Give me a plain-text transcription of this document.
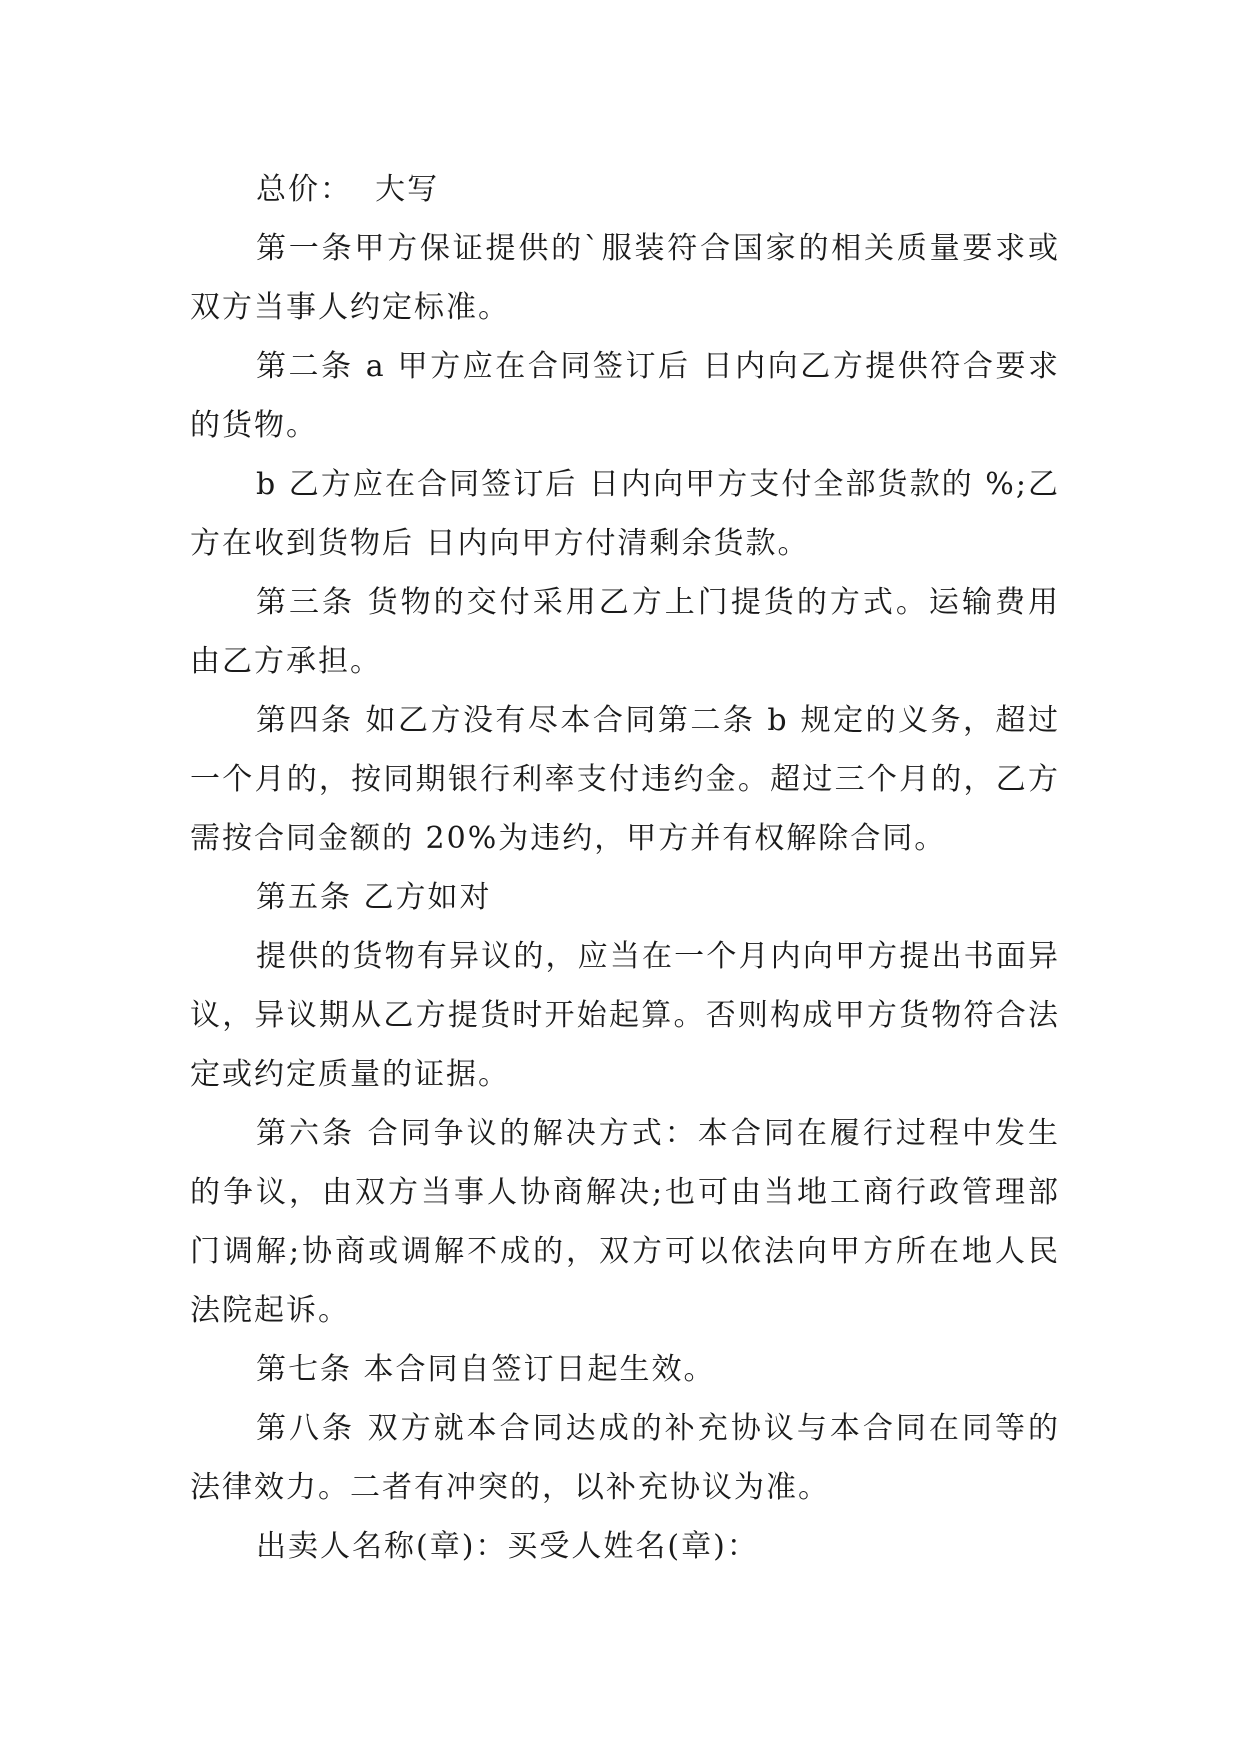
总价：  大写

第一条甲方保证提供的`服装符合国家的相关质量要求或双方当事人约定标准。

第二条 a 甲方应在合同签订后 日内向乙方提供符合要求的货物。

b 乙方应在合同签订后 日内向甲方支付全部货款的 %;乙方在收到货物后 日内向甲方付清剩余货款。

第三条 货物的交付采用乙方上门提货的方式。运输费用由乙方承担。

第四条 如乙方没有尽本合同第二条 b 规定的义务，超过一个月的，按同期银行利率支付违约金。超过三个月的，乙方需按合同金额的 20%为违约，甲方并有权解除合同。

第五条 乙方如对

提供的货物有异议的，应当在一个月内向甲方提出书面异议，异议期从乙方提货时开始起算。否则构成甲方货物符合法定或约定质量的证据。

第六条 合同争议的解决方式：本合同在履行过程中发生的争议，由双方当事人协商解决;也可由当地工商行政管理部门调解;协商或调解不成的，双方可以依法向甲方所在地人民法院起诉。

第七条 本合同自签订日起生效。

第八条 双方就本合同达成的补充协议与本合同在同等的法律效力。二者有冲突的，以补充协议为准。

出卖人名称(章)：买受人姓名(章)：
